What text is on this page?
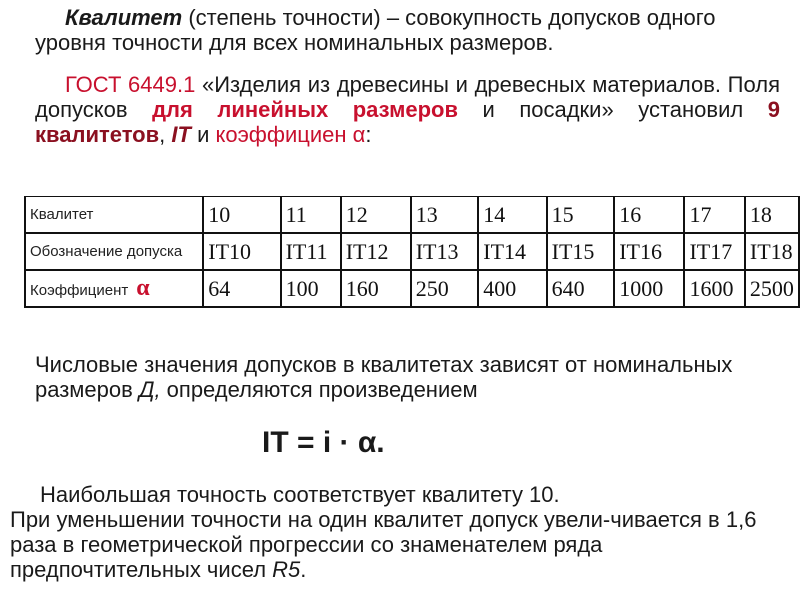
Квалитет (степень точности) – совокупность допусков одного уровня точности для всех номинальных размеров.
ГОСТ 6449.1 «Изделия из древесины и древесных материалов. Поля допусков для линейных размеров и посадки» установил 9 квалитетов, IT и коэффициен α:
Квалитет	10	11	12	13	14	15	16	17	18
Обозначение допуска	IT10	IT11	IT12	IT13	IT14	IT15	IT16	IT17	IT18
Коэффициент α	64	100	160	250	400	640	1000	1600	2500
Числовые значения допусков в квалитетах зависят от номинальных размеров Д, определяются произведением
IT = i · α.
Наибольшая точность соответствует квалитету 10.
При уменьшении точности на один квалитет допуск увели-чивается в 1,6 раза в геометрической прогрессии со знаменателем ряда предпочтительных чисел R5.
